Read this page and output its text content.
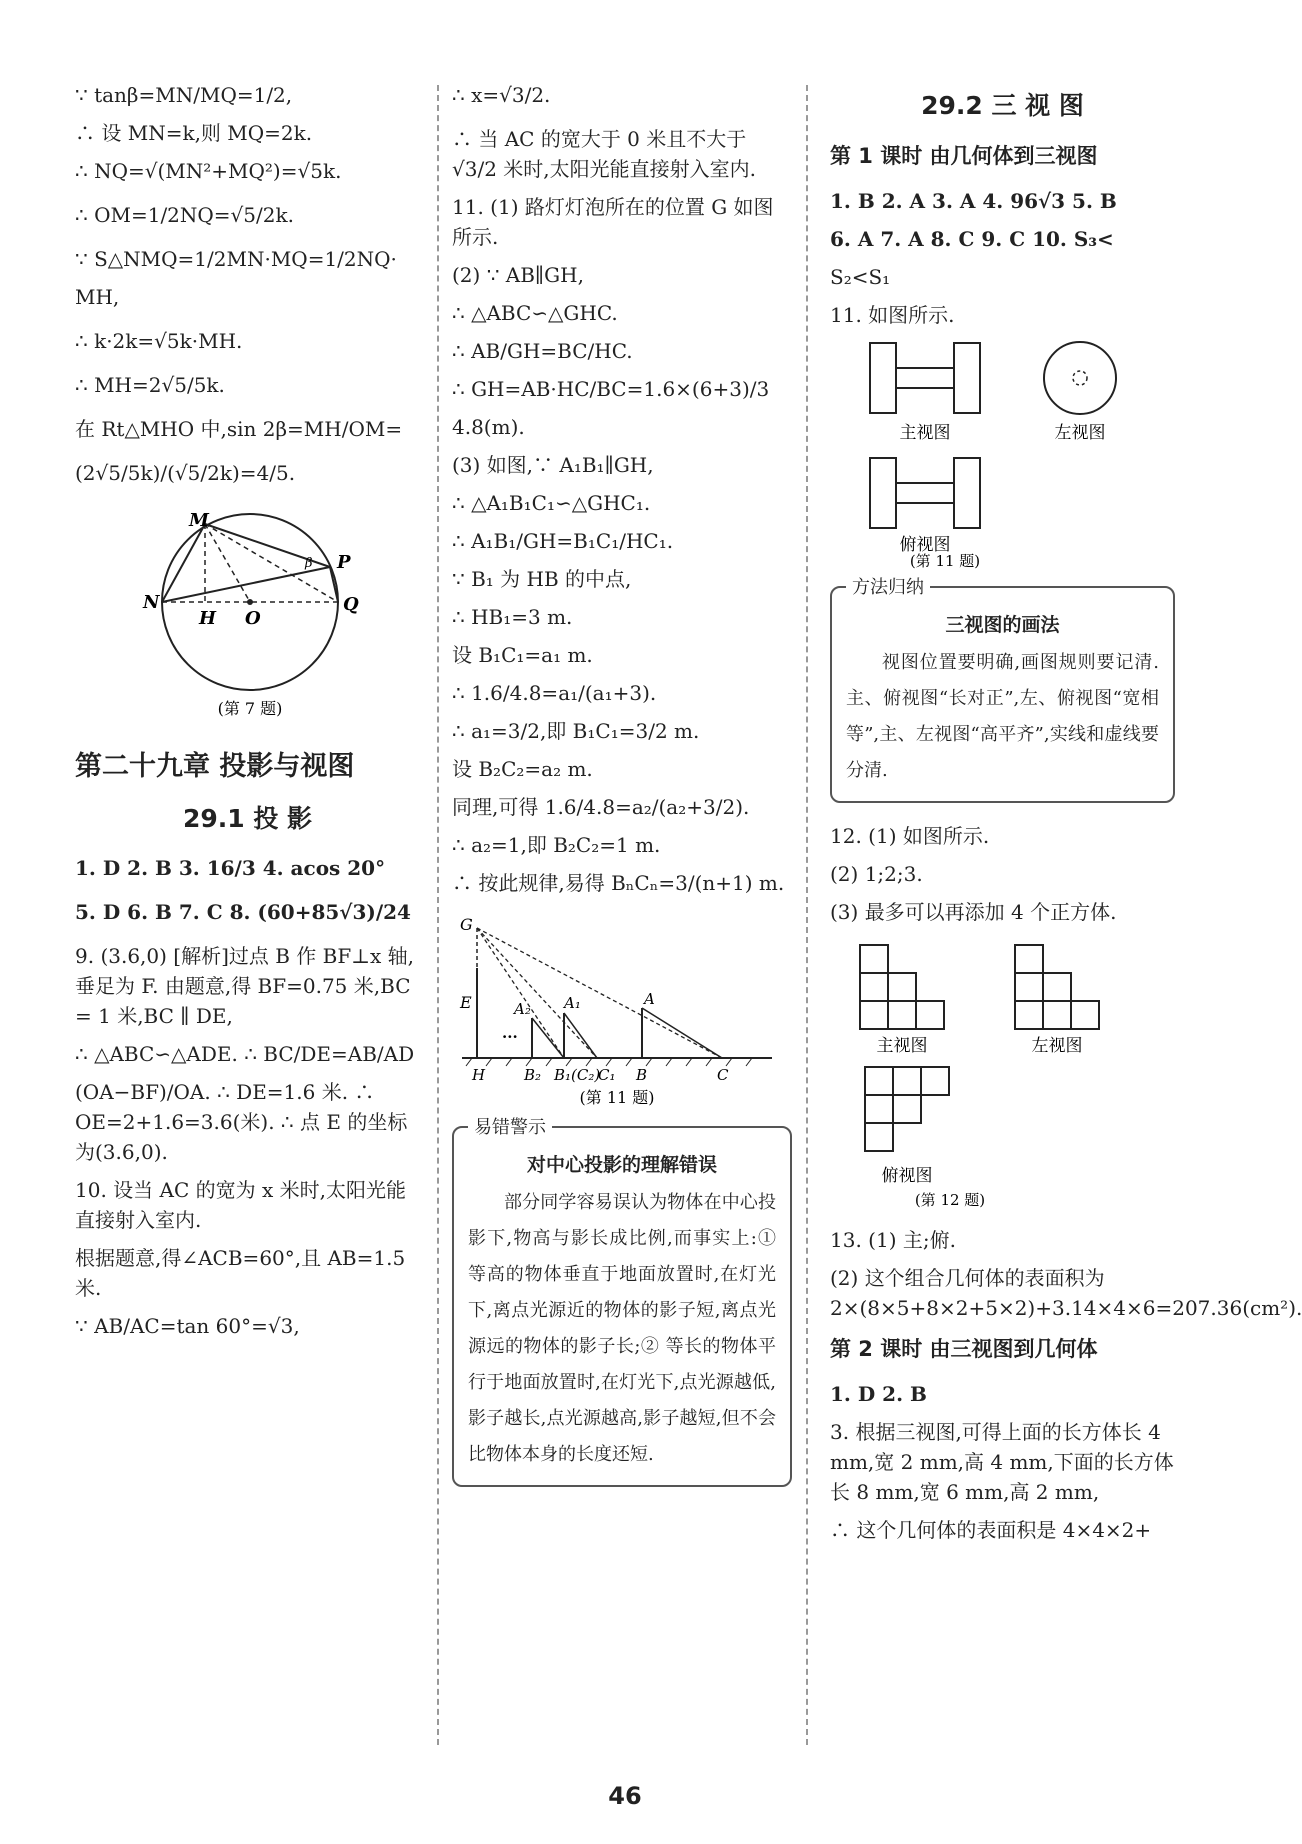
∵ tanβ=MN/MQ=1/2,
∴ 设 MN=k,则 MQ=2k.
∴ NQ=√(MN²+MQ²)=√5k.
∴ OM=1/2NQ=√5/2k.
∵ S△NMQ=1/2MN·MQ=1/2NQ·
MH,
∴ k·2k=√5k·MH.
∴ MH=2√5/5k.
在 Rt△MHO 中,sin 2β=MH/OM=
(2√5/5k)/(√5/2k)=4/5.
M
N
P
Q
H O
β
(第 7 题)
第二十九章 投影与视图
29.1 投 影
1. D 2. B 3. 16/3 4. acos 20°
5. D 6. B 7. C 8. (60+85√3)/24
9. (3.6,0) [解析]过点 B 作 BF⊥x 轴,垂足为 F. 由题意,得 BF=0.75 米,BC = 1 米,BC ∥ DE,
∴ △ABC∽△ADE. ∴ BC/DE=AB/AD
(OA−BF)/OA. ∴ DE=1.6 米. ∴ OE=2+1.6=3.6(米). ∴ 点 E 的坐标为(3.6,0).
10. 设当 AC 的宽为 x 米时,太阳光能直接射入室内.
根据题意,得∠ACB=60°,且 AB=1.5 米.
∵ AB/AC=tan 60°=√3,
∴ x=√3/2.
∴ 当 AC 的宽大于 0 米且不大于 √3/2 米时,太阳光能直接射入室内.
11. (1) 路灯灯泡所在的位置 G 如图所示.
(2) ∵ AB∥GH,
∴ △ABC∽△GHC.
∴ AB/GH=BC/HC.
∴ GH=AB·HC/BC=1.6×(6+3)/3
4.8(m).
(3) 如图,∵ A₁B₁∥GH,
∴ △A₁B₁C₁∽△GHC₁.
∴ A₁B₁/GH=B₁C₁/HC₁.
∵ B₁ 为 HB 的中点,
∴ HB₁=3 m.
设 B₁C₁=a₁ m.
∴ 1.6/4.8=a₁/(a₁+3).
∴ a₁=3/2,即 B₁C₁=3/2 m.
设 B₂C₂=a₂ m.
同理,可得 1.6/4.8=a₂/(a₂+3/2).
∴ a₂=1,即 B₂C₂=1 m.
∴ 按此规律,易得 BₙCₙ=3/(n+1) m.
G
E	A₂ A₁	A
...
H	B₂ B₁(C₂)
C₁ B	C
(第 11 题)
易错警示
对中心投影的理解错误
部分同学容易误认为物体在中心投影下,物高与影长成比例,而事实上:① 等高的物体垂直于地面放置时,在灯光下,离点光源近的物体的影子短,离点光源远的物体的影子长;② 等长的物体平行于地面放置时,在灯光下,点光源越低,影子越长,点光源越高,影子越短,但不会比物体本身的长度还短.
29.2 三 视 图
第 1 课时 由几何体到三视图
1. B 2. A 3. A 4. 96√3 5. B
6. A 7. A 8. C 9. C 10. S₃<
S₂<S₁
11. 如图所示.
主视图	左视图
俯视图
(第 11 题)
方法归纳
三视图的画法
视图位置要明确,画图规则要记清. 主、俯视图“长对正”,左、俯视图“宽相等”,主、左视图“高平齐”,实线和虚线要分清.
12. (1) 如图所示.
(2) 1;2;3.
(3) 最多可以再添加 4 个正方体.
主视图	左视图
俯视图
(第 12 题)
13. (1) 主;俯.
(2) 这个组合几何体的表面积为 2×(8×5+8×2+5×2)+3.14×4×6=207.36(cm²).
第 2 课时 由三视图到几何体
1. D 2. B
3. 根据三视图,可得上面的长方体长 4 mm,宽 2 mm,高 4 mm,下面的长方体长 8 mm,宽 6 mm,高 2 mm,
∴ 这个几何体的表面积是 4×4×2+
46
